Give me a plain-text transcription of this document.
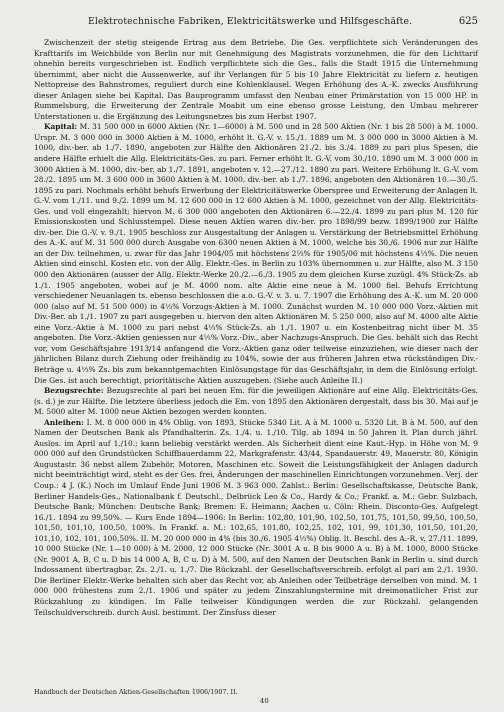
Elektrotechnische Fabriken, Elektricitätswerke und Hilfsgeschäfte.	625

Zwischenzeit der stetig steigende Ertrag aus dem Betriebe. Die Ges. verpflichtete sich Veränderungen des Krafttarifs im Weichbilde von Berlin nur mit Genehmigung des Magistrats vorzunehmen, die für den Lichttarif ohnehin bereits vorgeschrieben ist. Endlich verpflichtete sich die Ges., falls die Stadt 1915 die Unternehmung übernimmt, aber nicht die Aussenwerke, auf ihr Verlangen für 5 bis 10 Jahre Elektricität zu liefern z. heutigen Nettopreise des Bahnstromes, reguliert durch eine Kohlenklausel. Wegen Erhöhung des A.-K. zwecks Ausführung dieser Anlagen siehe bei Kapital. Das Bauprogramm umfasst den Neubau einer Primärstation von 15 000 HP. in Rummelsburg, die Erweiterung der Zentrale Moabit um eine ebenso grosse Leistung, den Umbau mehrerer Unterstationen u. die Ergänzung des Leitungsnetzes bis zum Herbst 1907.

Kapital: M. 31 500 000 in 6000 Aktien (Nr. 1—6000) à M. 500 und in 28 500 Aktien (Nr. 1 bis 28 500) à M. 1000. Urspr. M. 3 000 000 in 3000 Aktien à M. 1000, erhöht lt. G.-V. v. 15./1. 1889 um M. 3 000 000 in 3000 Aktien à M. 1000, div.-ber. ab 1./7. 1890, angeboten zur Hälfte den Aktionären 21./2. bis 3./4. 1889 zu pari plus Spesen, die andere Hälfte erhielt die Allg. Elektricitäts-Ges. zu pari. Ferner erhöht lt. G.-V. vom 30./10. 1890 um M. 3 000 000 in 3000 Aktien à M. 1000, div.-ber. ab 1./7. 1891, angeboten v. 12.—27./12. 1890 zu pari. Weitere Erhöhung lt. G.-V. vom 28./2. 1895 um M. 3 600 000 in 3600 Aktien à M. 1000, div.-ber. ab 1./7. 1896, angeboten den Aktionären 10.—30./5. 1895 zu pari. Nochmals erhöht behufs Erwerbung der Elektricitätswerke Oberspree und Erweiterung der Anlagen lt. G.-V. vom 1./11. und 9./2. 1899 um M. 12 600 000 in 12 600 Aktien à M. 1000, gezeichnet von der Allg. Elektricitäts-Ges. und voll eingezahlt; hiervon M. 6 300 000 angeboten den Aktionären 6.—22./4. 1899 zu pari plus M. 120 für Emissionskosten und Schlusstempel. Diese neuen Aktien waren div.-ber. pro 1898/99 bezw. 1899/1900 zur Hälfte div.-ber. Die G.-V. v. 9./1. 1905 beschloss zur Ausgestaltung der Anlagen u. Verstärkung der Betriebsmittel Erhöhung des A.-K. auf M. 31 500 000 durch Ausgabe von 6300 neuen Aktien à M. 1000, welche bis 30./6. 1906 nur zur Hälfte an der Div. teilnehmen, u. zwar für das Jahr 1904/05 mit höchstens 2⅓% für 1905/06 mit höchstens 4⅓%. Die neuen Aktien sind einschl. Kosten etc. von der Allg. Elektr.-Ges. in Berlin zu 103% übernommen u. zur Hälfte, also M. 3 150 000 den Aktionären (ausser der Allg. Elektr.-Werke 20./2.—6./3. 1905 zu dem gleichen Kurse zuzügl. 4% Stück-Zs. ab 1./1. 1905 angeboten, wobei auf je M. 4000 nom. alte Aktie eine neue à M. 1000 fiel. Behufs Errichtung verschiedener Neuanlagen ts. ebenso beschlossen die a.o. G.-V. v. 3. u. 7. 1907 die Erhöhung des A.-K. um M. 20 000 000 (also auf M. 51 500 000) in 4⅓% Vorzugs-Aktien à M. 1000. Zunächst wurden M. 10 000 000 Vorz.-Aktien mit Div.-Ber. ab 1./1. 1907 zu pari ausgegeben u. hiervon den alten Aktionären M. 5 250 000, also auf M. 4000 alte Aktie eine Vorz.-Aktie à M. 1000 zu pari nebst 4⅓% Stück-Zs. ab 1./1. 1907 u. ein Kostenbeitrag nicht über M. 35 angeboten. Die Vorz.-Aktien geniessen nur 4⅓% Vorz.-Div., aber Nachzugs-Anspruch. Die Ges. behält sich das Recht vor, vom Geschäftsjahre 1913/14 anfangend die Vorz.-Aktien ganz oder teilweise einzuziehen, wie dieser nach der jährlichen Bilanz durch Ziehung oder freihändig zu 104%, sowie der aus früheren Jahren etwa rückständigen Div.-Beträge u. 4⅓% Zs. bis zum bekanntgemachten Einlösungstage für das Geschäftsjahr, in dem die Einlösung erfolgt. Die Ges. ist auch berechtigt, prioritätische Aktien auszugeben. (Siehe auch Anleihe II.)

Bezugsrechte: Bezugsrechte al pari bei neuen Em. für die jeweiligen Aktionäre auf eine Allg. Elektricitäts-Ges. (s. d.) je zur Hälfte. Die letztere überliess jedoch die Em. von 1895 den Aktionären dergestalt, dass bis 30. Mai auf je M. 5000 alter M. 1000 neue Aktien bezogen werden konnten.

Anleihen: I. M. 8 000 000 in 4% Oblig. von 1893, Stücke 5340 Lit. A à M. 1000 u. 5320 Lit. B à M. 500, auf den Namen der Deutschen Bank als Pfandhalterin. Zs. 1./4. u. 1./10. Tilg. ab 1894 in 50 Jahren lt. Plan durch jährl. Auslos. im April auf 1./10.; kann beliebig verstärkt werden. Als Sicherheit dient eine Kaut.-Hyp. in Höhe von M. 9 000 000 auf den Grundstücken Schiffbauerdamm 22, Markgrafenstr. 43/44, Spandauerstr. 49, Mauerstr. 80, Königin Augustastr. 36 nebst allem Zubehör, Motoren, Maschinen etc. Soweit die Leistungsfähigkeit der Anlagen dadurch nicht beeinträchtigt wird, steht es der Ges. frei, Änderungen der maschinellen Einrichtungen vorzunehmen. Verj. der Coup.: 4 J. (K.) Noch im Umlauf Ende Juni 1906 M. 3 963 000. Zahlst.: Berlin: Gesellschaftskasse, Deutsche Bank, Berliner Handels-Ges., Nationalbank f. Deutschl., Delbrück Leo & Co., Hardy & Co.; Frankf. a. M.: Gebr. Sulzbach, Deutsche Bank; München: Deutsche Bank; Bremen: E. Heimann; Aachen u. Cöln: Rhein. Disconto-Ges. Aufgelegt 16./1. 1894 zu 99,50%. — Kurs Ende 1894—1906: In Berlin: 102,80, 101,90, 102,50, 101,75, 101,50, 99,50, 100,50, 101,50, 101,10, 100,50, 100%. In Frankf. a. M.: 102,65, 101,80, 102,25, 102, 101, 99, 101,30, 101,50, 101,20, 101,10, 102, 101, 100,50%. II. M. 20 000 000 in 4% (bis 30./6. 1905 4⅓%) Oblig. lt. Beschl. des A.-R. v. 27./11. 1899, 10 000 Stücke (Nr. 1—10 000) à M. 2000, 12 000 Stücke (Nr. 3001 A u. B bis 9000 A u. B) à M. 1000, 8000 Stücke (Nr. 9001 A, B, C u. D bis 14 000 A, B, C u. D) à M. 500, auf den Namen der Deutschen Bank in Berlin u. sind durch Indossament übertragbar. Zs. 2./1. u. 1./7. Die Rückzahl. der Gesellschaftsverschreib. erfolgt al pari am 2./1. 1930. Die Berliner Elektr.-Werke behalten sich aber das Recht vor, ab Anleihen oder Teilbeträge derselben von mind. M. 1 000 000 frühestens zum 2./1. 1906 und später zu jedem Zinszahlungstermine mit dreimonatlicher Frist zur Rückzahlung zu kündigen. Im Falle teilweiser Kündigungen werden die zur Rückzahl. gelangenden Teilschuldverschreib. durch Ausl. bestimmt. Der Zinsfuss dieser

Handbuch der Deutschen Aktien-Gesellschaften 1906/1907. II.
40
